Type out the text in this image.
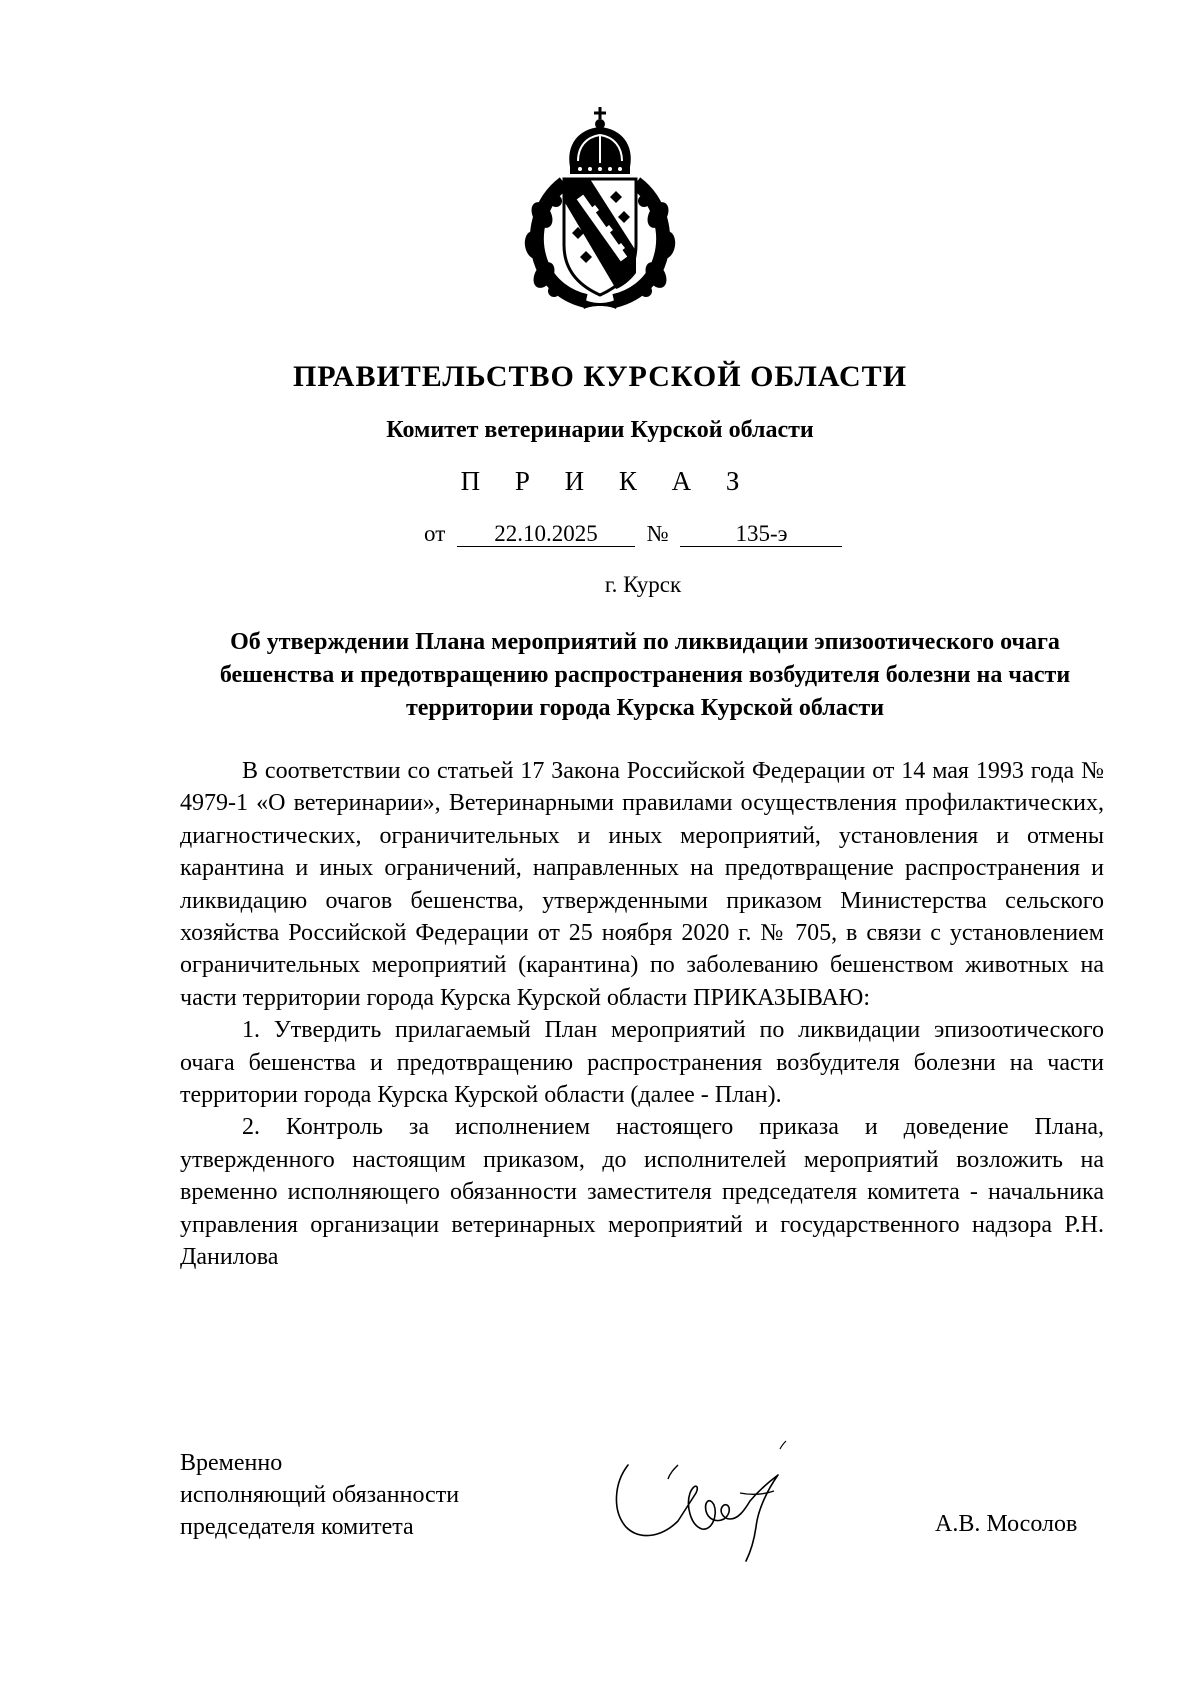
ПРАВИТЕЛЬСТВО КУРСКОЙ ОБЛАСТИ
Комитет ветеринарии Курской области
П Р И К А З
от 22.10.2025 №	135-э
г. Курск
Об утверждении Плана мероприятий по ликвидации эпизоотического очага бешенства и предотвращению распространения возбудителя болезни на части территории города Курска Курской области

В соответствии со статьей 17 Закона Российской Федерации от 14 мая 1993 года № 4979-1 «О ветеринарии», Ветеринарными правилами осуществления профилактических, диагностических, ограничительных и иных мероприятий, установления и отмены карантина и иных ограничений, направленных на предотвращение распространения и ликвидацию очагов бешенства, утвержденными приказом Министерства сельского хозяйства Российской Федерации от 25 ноября 2020 г. № 705, в связи с установлением ограничительных мероприятий (карантина) по заболеванию бешенством животных на части территории города Курска Курской области ПРИКАЗЫВАЮ:

1. Утвердить прилагаемый План мероприятий по ликвидации эпизоотического очага бешенства и предотвращению распространения возбудителя болезни на части территории города Курска Курской области (далее - План).

2. Контроль за исполнением настоящего приказа и доведение Плана, утвержденного настоящим приказом, до исполнителей мероприятий возложить на временно исполняющего обязанности заместителя председателя комитета - начальника управления организации ветеринарных мероприятий и государственного надзора Р.Н. Данилова

Временно
исполняющий обязанности
председателя комитета	А.В. Мосолов
